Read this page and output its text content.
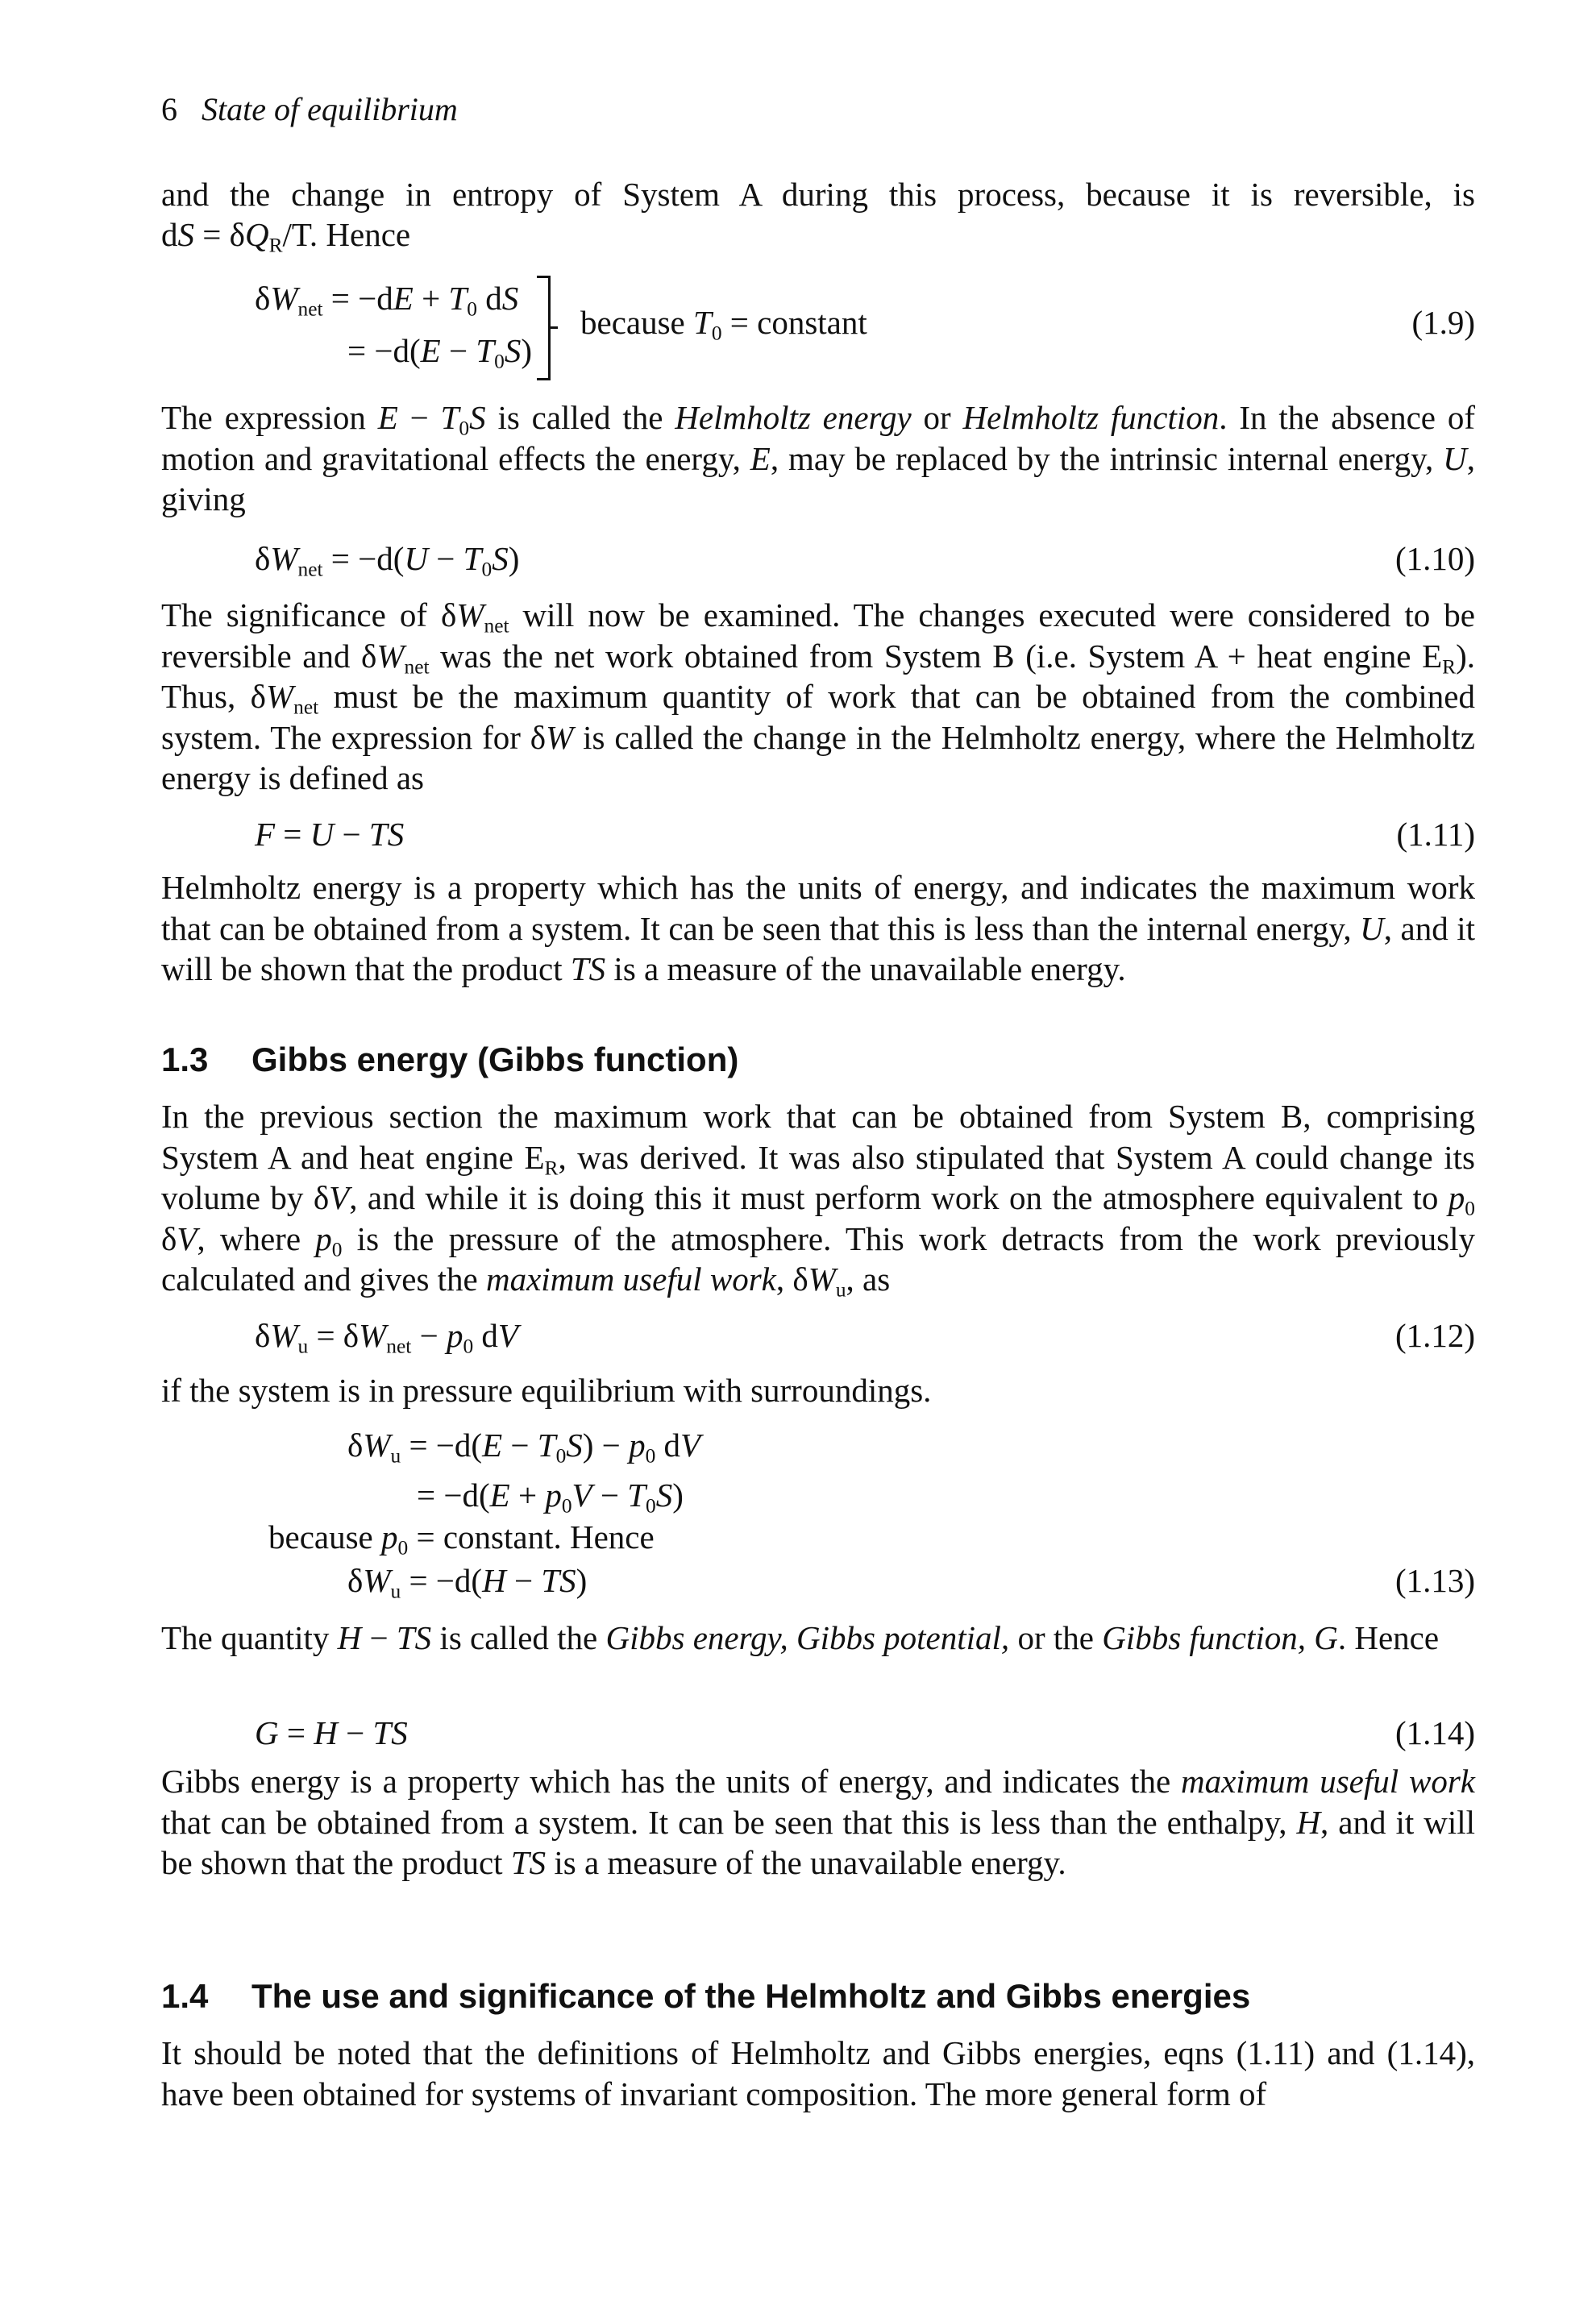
6 State of equilibrium
and the change in entropy of System A during this process, because it is reversible, is
dS = $\delta Q_R/T$. Hence
$\delta W_{net} = -dE + T_0$ dS
= $-d(E - T_0S)$
because $T_0$ = constant	(1.9)

The expression $E - T_0S$ is called the Helmholtz energy or Helmholtz function. In the absence of motion and gravitational effects the energy, E, may be replaced by the intrinsic internal energy, U, giving

$\delta W_{net} = -d(U - T_0S)$	(1.10)

The significance of $\delta W_{net}$ will now be examined. The changes executed were considered to be reversible and $\delta W_{net}$ was the net work obtained from System B (i.e. System A + heat engine $E_R$). Thus, $\delta W_{net}$ must be the maximum quantity of work that can be obtained from the combined system. The expression for δW is called the change in the Helmholtz energy, where the Helmholtz energy is defined as

F = U − TS	(1.11)

Helmholtz energy is a property which has the units of energy, and indicates the maximum work that can be obtained from a system. It can be seen that this is less than the internal energy, U, and it will be shown that the product TS is a measure of the unavailable energy.

1.3 Gibbs energy (Gibbs function)

In the previous section the maximum work that can be obtained from System B, comprising System A and heat engine $E_R$, was derived. It was also stipulated that System A could change its volume by δV, and while it is doing this it must perform work on the atmosphere equivalent to $p_0$ δV, where $p_0$ is the pressure of the atmosphere. This work detracts from the work previously calculated and gives the maximum useful work, $\delta W_u$, as

$\delta W_u = \delta W_{net} - p_0$ dV	(1.12)
if the system is in pressure equilibrium with surroundings.
$\delta W_u = -d(E - T_0S) - p_0$ dV
= $-d(E + p_0V - T_0S)$
because $p_0$ = constant. Hence
$\delta W_u = -d(H - TS)$	(1.13)

The quantity H − TS is called the Gibbs energy, Gibbs potential, or the Gibbs function, G. Hence

G = H − TS	(1.14)

Gibbs energy is a property which has the units of energy, and indicates the maximum useful work that can be obtained from a system. It can be seen that this is less than the enthalpy, H, and it will be shown that the product TS is a measure of the unavailable energy.

1.4 The use and significance of the Helmholtz and Gibbs energies

It should be noted that the definitions of Helmholtz and Gibbs energies, eqns (1.11) and (1.14), have been obtained for systems of invariant composition. The more general form of
